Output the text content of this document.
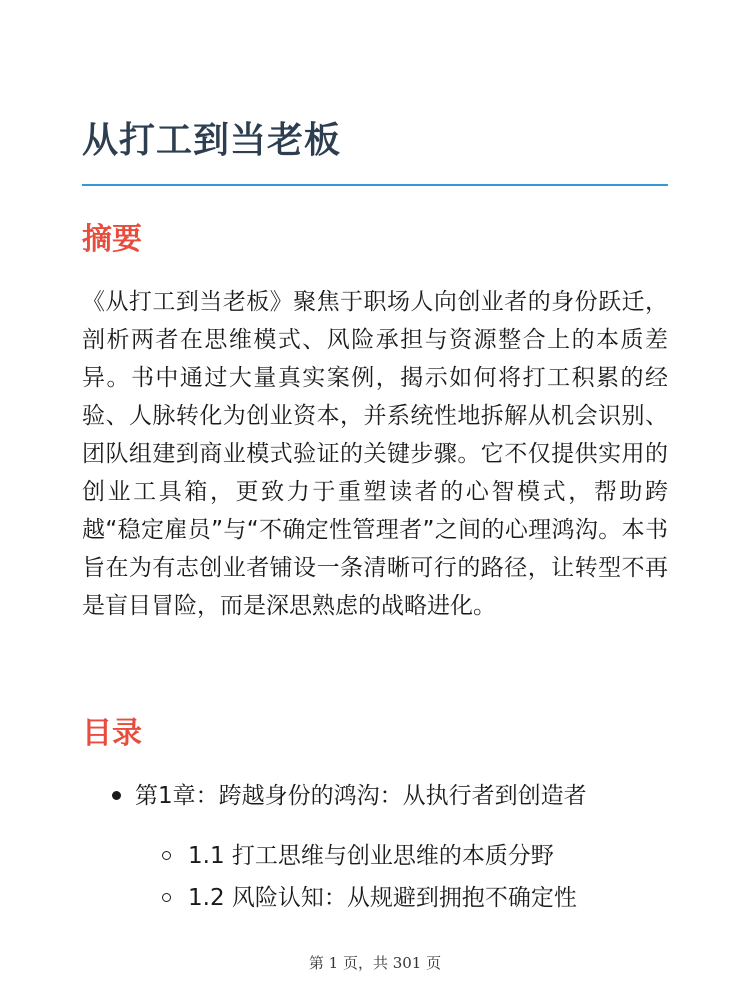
从打工到当老板
摘要

《从打工到当老板》聚焦于职场人向创业者的身份跃迁，剖析两者在思维模式、风险承担与资源整合上的本质差异。书中通过大量真实案例，揭示如何将打工积累的经验、人脉转化为创业资本，并系统性地拆解从机会识别、团队组建到商业模式验证的关键步骤。它不仅提供实用的创业工具箱，更致力于重塑读者的心智模式，帮助跨越“稳定雇员”与“不确定性管理者”之间的心理鸿沟。本书旨在为有志创业者铺设一条清晰可行的路径，让转型不再是盲目冒险，而是深思熟虑的战略进化。

目录
第1章：跨越身份的鸿沟：从执行者到创造者
1.1 打工思维与创业思维的本质分野
1.2 风险认知：从规避到拥抱不确定性
第 1 页，共 301 页
